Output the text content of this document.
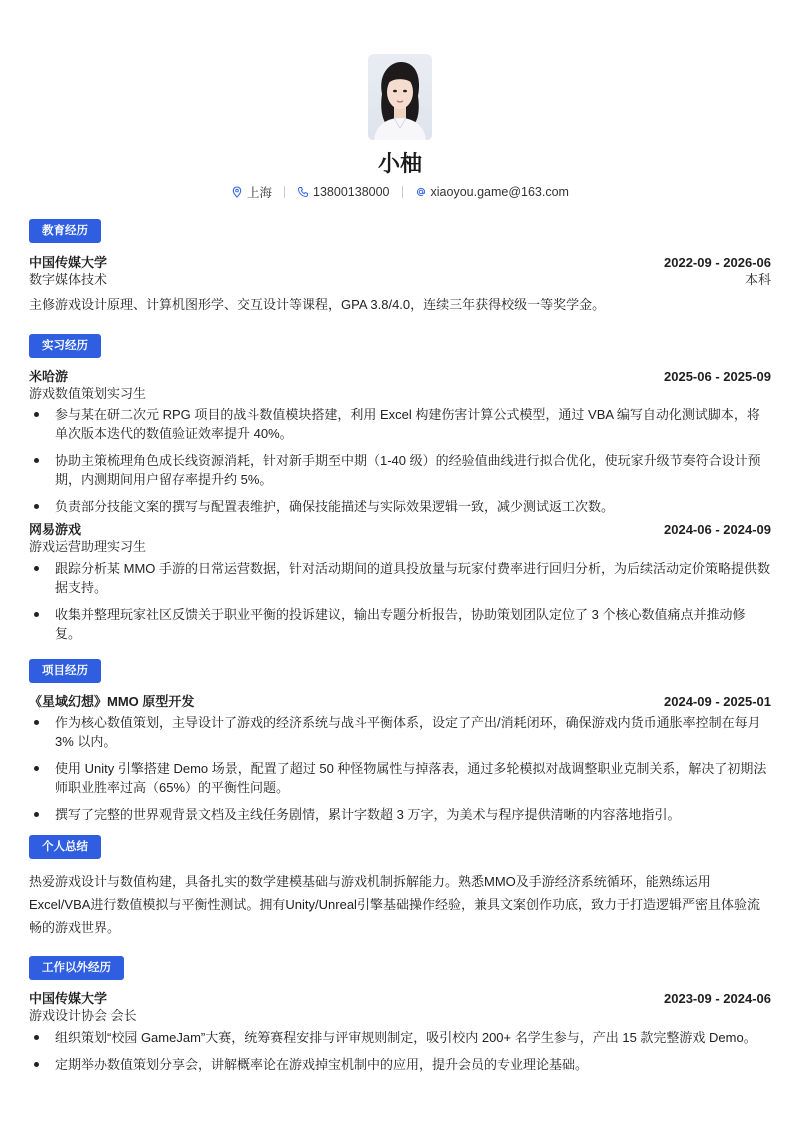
小柚
上海	13800138000	xiaoyou.game@163.com
教育经历
中国传媒大学	2022-09 - 2026-06
数字媒体技术	本科
主修游戏设计原理、计算机图形学、交互设计等课程，GPA 3.8/4.0，连续三年获得校级一等奖学金。
实习经历
米哈游	2025-06 - 2025-09
游戏数值策划实习生
参与某在研二次元 RPG 项目的战斗数值模块搭建，利用 Excel 构建伤害计算公式模型，通过 VBA 编写自动化测试脚本，将单次版本迭代的数值验证效率提升 40%。
协助主策梳理角色成长线资源消耗，针对新手期至中期（1-40 级）的经验值曲线进行拟合优化，使玩家升级节奏符合设计预期，内测期间用户留存率提升约 5%。
负责部分技能文案的撰写与配置表维护，确保技能描述与实际效果逻辑一致，减少测试返工次数。
网易游戏	2024-06 - 2024-09
游戏运营助理实习生
跟踪分析某 MMO 手游的日常运营数据，针对活动期间的道具投放量与玩家付费率进行回归分析，为后续活动定价策略提供数据支持。
收集并整理玩家社区反馈关于职业平衡的投诉建议，输出专题分析报告，协助策划团队定位了 3 个核心数值痛点并推动修复。
项目经历
《星域幻想》MMO 原型开发	2024-09 - 2025-01
作为核心数值策划，主导设计了游戏的经济系统与战斗平衡体系，设定了产出/消耗闭环，确保游戏内货币通胀率控制在每月 3% 以内。
使用 Unity 引擎搭建 Demo 场景，配置了超过 50 种怪物属性与掉落表，通过多轮模拟对战调整职业克制关系，解决了初期法师职业胜率过高（65%）的平衡性问题。
撰写了完整的世界观背景文档及主线任务剧情，累计字数超 3 万字，为美术与程序提供清晰的内容落地指引。
个人总结
热爱游戏设计与数值构建，具备扎实的数学建模基础与游戏机制拆解能力。熟悉MMO及手游经济系统循环，能熟练运用Excel/VBA进行数值模拟与平衡性测试。拥有Unity/Unreal引擎基础操作经验，兼具文案创作功底，致力于打造逻辑严密且体验流畅的游戏世界。
工作以外经历
中国传媒大学	2023-09 - 2024-06
游戏设计协会 会长
组织策划“校园 GameJam”大赛，统筹赛程安排与评审规则制定，吸引校内 200+ 名学生参与，产出 15 款完整游戏 Demo。
定期举办数值策划分享会，讲解概率论在游戏掉宝机制中的应用，提升会员的专业理论基础。
